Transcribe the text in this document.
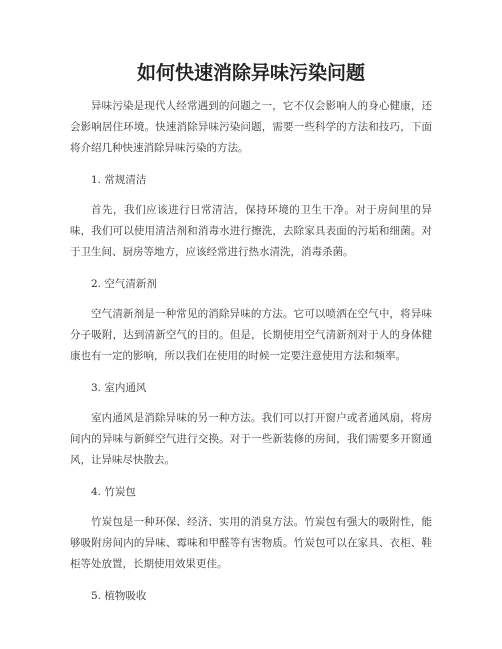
如何快速消除异味污染问题

异味污染是现代人经常遇到的问题之一，它不仅会影响人的身心健康，还会影响居住环境。快速消除异味污染问题，需要一些科学的方法和技巧，下面将介绍几种快速消除异味污染的方法。

1. 常规清洁

首先，我们应该进行日常清洁，保持环境的卫生干净。对于房间里的异味，我们可以使用清洁剂和消毒水进行擦洗，去除家具表面的污垢和细菌。对于卫生间、厨房等地方，应该经常进行热水清洗，消毒杀菌。

2. 空气清新剂

空气清新剂是一种常见的消除异味的方法。它可以喷洒在空气中，将异味分子吸附，达到清新空气的目的。但是，长期使用空气清新剂对于人的身体健康也有一定的影响，所以我们在使用的时候一定要注意使用方法和频率。

3. 室内通风

室内通风是消除异味的另一种方法。我们可以打开窗户或者通风扇，将房间内的异味与新鲜空气进行交换。对于一些新装修的房间，我们需要多开窗通风，让异味尽快散去。

4. 竹炭包

竹炭包是一种环保、经济、实用的消臭方法。竹炭包有强大的吸附性，能够吸附房间内的异味、霉味和甲醛等有害物质。竹炭包可以在家具、衣柜、鞋柜等处放置，长期使用效果更佳。

5. 植物吸收
